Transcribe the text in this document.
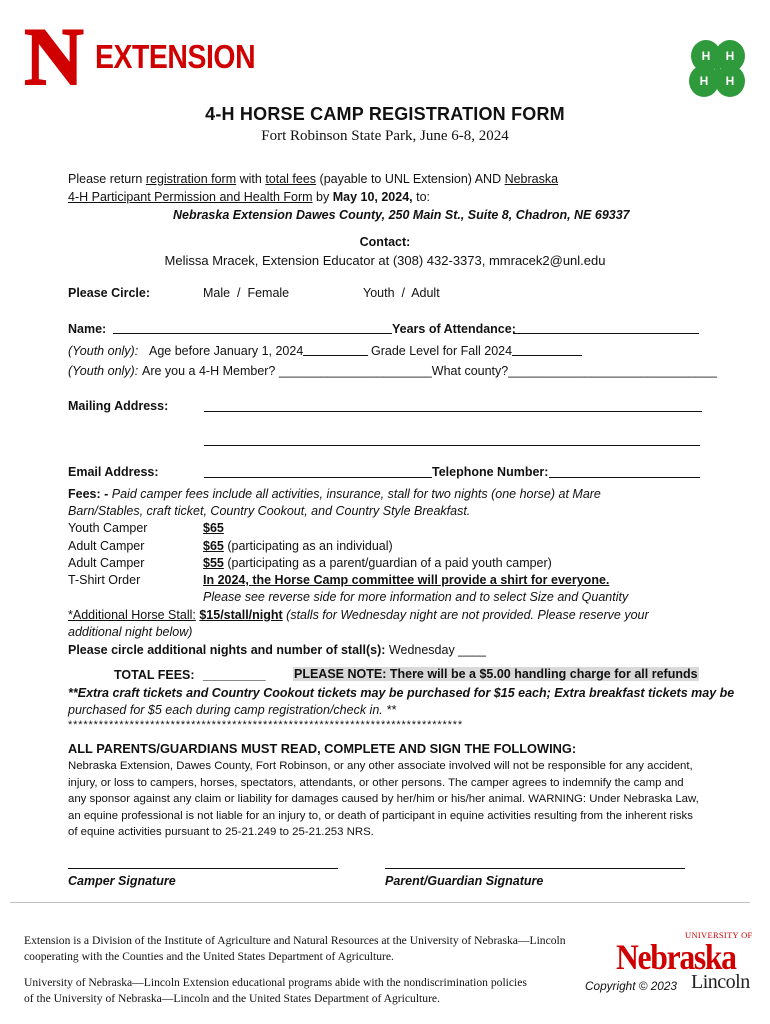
N EXTENSION	H H
H H
4-H HORSE CAMP REGISTRATION FORM
Fort Robinson State Park, June 6-8, 2024
Please return registration form with total fees (payable to UNL Extension) AND Nebraska
4-H Participant Permission and Health Form by May 10, 2024, to:
Nebraska Extension Dawes County, 250 Main St., Suite 8, Chadron, NE 69337
Contact:
Melissa Mracek, Extension Educator at (308) 432-3373, mmracek2@unl.edu
Please Circle:	Male  /  Female	Youth  /  Adult
Name:	Years of Attendance:
(Youth only): Age before January 1, 2024	Grade Level for Fall 2024
(Youth only): Are you a 4-H Member? ______________________What county?______________________________
Mailing Address:
Email Address:	Telephone Number:
Fees: - Paid camper fees include all activities, insurance, stall for two nights (one horse) at Mare Barn/Stables, craft ticket, Country Cookout, and Country Style Breakfast.
Youth Camper	$65
Adult Camper	$65 (participating as an individual)
Adult Camper	$55 (participating as a parent/guardian of a paid youth camper)
T-Shirt Order	In 2024, the Horse Camp committee will provide a shirt for everyone.
Please see reverse side for more information and to select Size and Quantity
*Additional Horse Stall: $15/stall/night (stalls for Wednesday night are not provided. Please reserve your
additional night below)
Please circle additional nights and number of stall(s): Wednesday ____
TOTAL FEES: _________ PLEASE NOTE: There will be a $5.00 handling charge for all refunds
**Extra craft tickets and Country Cookout tickets may be purchased for $15 each; Extra breakfast tickets may be
purchased for $5 each during camp registration/check in. **
*****************************************************************************
ALL PARENTS/GUARDIANS MUST READ, COMPLETE AND SIGN THE FOLLOWING:
Nebraska Extension, Dawes County, Fort Robinson, or any other associate involved will not be responsible for any accident, injury, or loss to campers, horses, spectators, attendants, or other persons. The camper agrees to indemnify the camp and any sponsor against any claim or liability for damages caused by her/him or his/her animal. WARNING: Under Nebraska Law, an equine professional is not liable for an injury to, or death of participant in equine activities resulting from the inherent risks of equine activities pursuant to 25-21.249 to 25-21.253 NRS.
Camper Signature	Parent/Guardian Signature
Extension is a Division of the Institute of Agriculture and Natural Resources at the University of Nebraska—Lincoln
cooperating with the Counties and the United States Department of Agriculture.
University of Nebraska—Lincoln Extension educational programs abide with the nondiscrimination policies
of the University of Nebraska—Lincoln and the United States Department of Agriculture.
UNIVERSITY OF
Nebraska
Lincoln
Copyright © 2023
